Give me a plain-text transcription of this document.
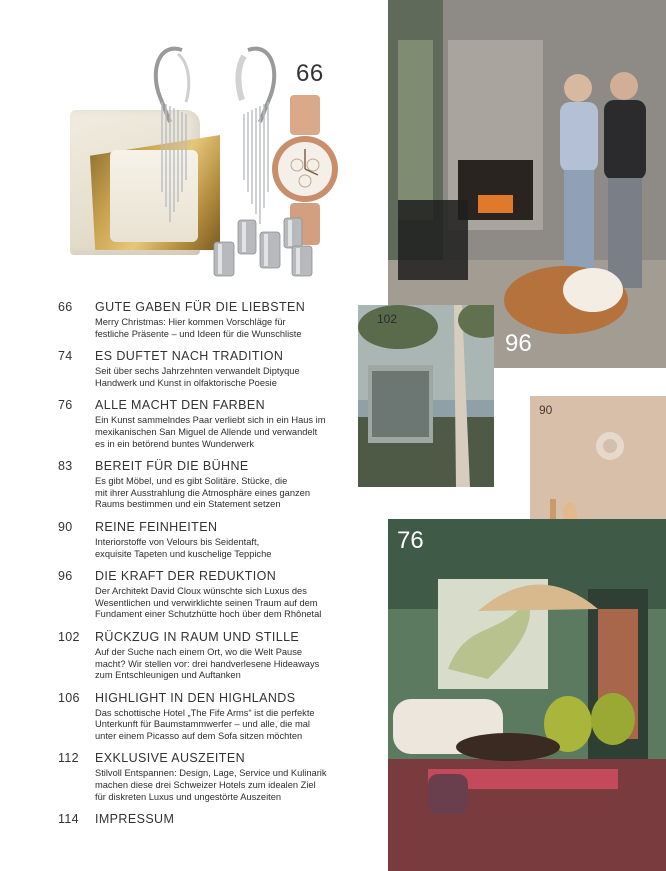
66
96
102
90
76
66	GUTE GABEN FÜR DIE LIEBSTEN
Merry Christmas: Hier kommen Vorschläge für
festliche Präsente – und Ideen für die Wunschliste
74	ES DUFTET NACH TRADITION
Seit über sechs Jahrzehnten verwandelt Diptyque
Handwerk und Kunst in olfaktorische Poesie
76	ALLE MACHT DEN FARBEN
Ein Kunst sammelndes Paar verliebt sich in ein Haus im
mexikanischen San Miguel de Allende und verwandelt
es in ein betörend buntes Wunderwerk
83	BEREIT FÜR DIE BÜHNE
Es gibt Möbel, und es gibt Solitäre. Stücke, die
mit ihrer Ausstrahlung die Atmosphäre eines ganzen
Raums bestimmen und ein Statement setzen
90	REINE FEINHEITEN
Interiorstoffe von Velours bis Seidentaft,
exquisite Tapeten und kuschelige Teppiche
96	DIE KRAFT DER REDUKTION
Der Architekt David Cloux wünschte sich Luxus des
Wesentlichen und verwirklichte seinen Traum auf dem
Fundament einer Schutzhütte hoch über dem Rhônetal
102	RÜCKZUG IN RAUM UND STILLE
Auf der Suche nach einem Ort, wo die Welt Pause
macht? Wir stellen vor: drei handverlesene Hideaways
zum Entschleunigen und Auftanken
106	HIGHLIGHT IN DEN HIGHLANDS
Das schottische Hotel „The Fife Arms“ ist die perfekte
Unterkunft für Baumstammwerfer – und alle, die mal
unter einem Picasso auf dem Sofa sitzen möchten
112	EXKLUSIVE AUSZEITEN
Stilvoll Entspannen: Design, Lage, Service und Kulinarik
machen diese drei Schweizer Hotels zum idealen Ziel
für diskreten Luxus und ungestörte Auszeiten
114	IMPRESSUM
